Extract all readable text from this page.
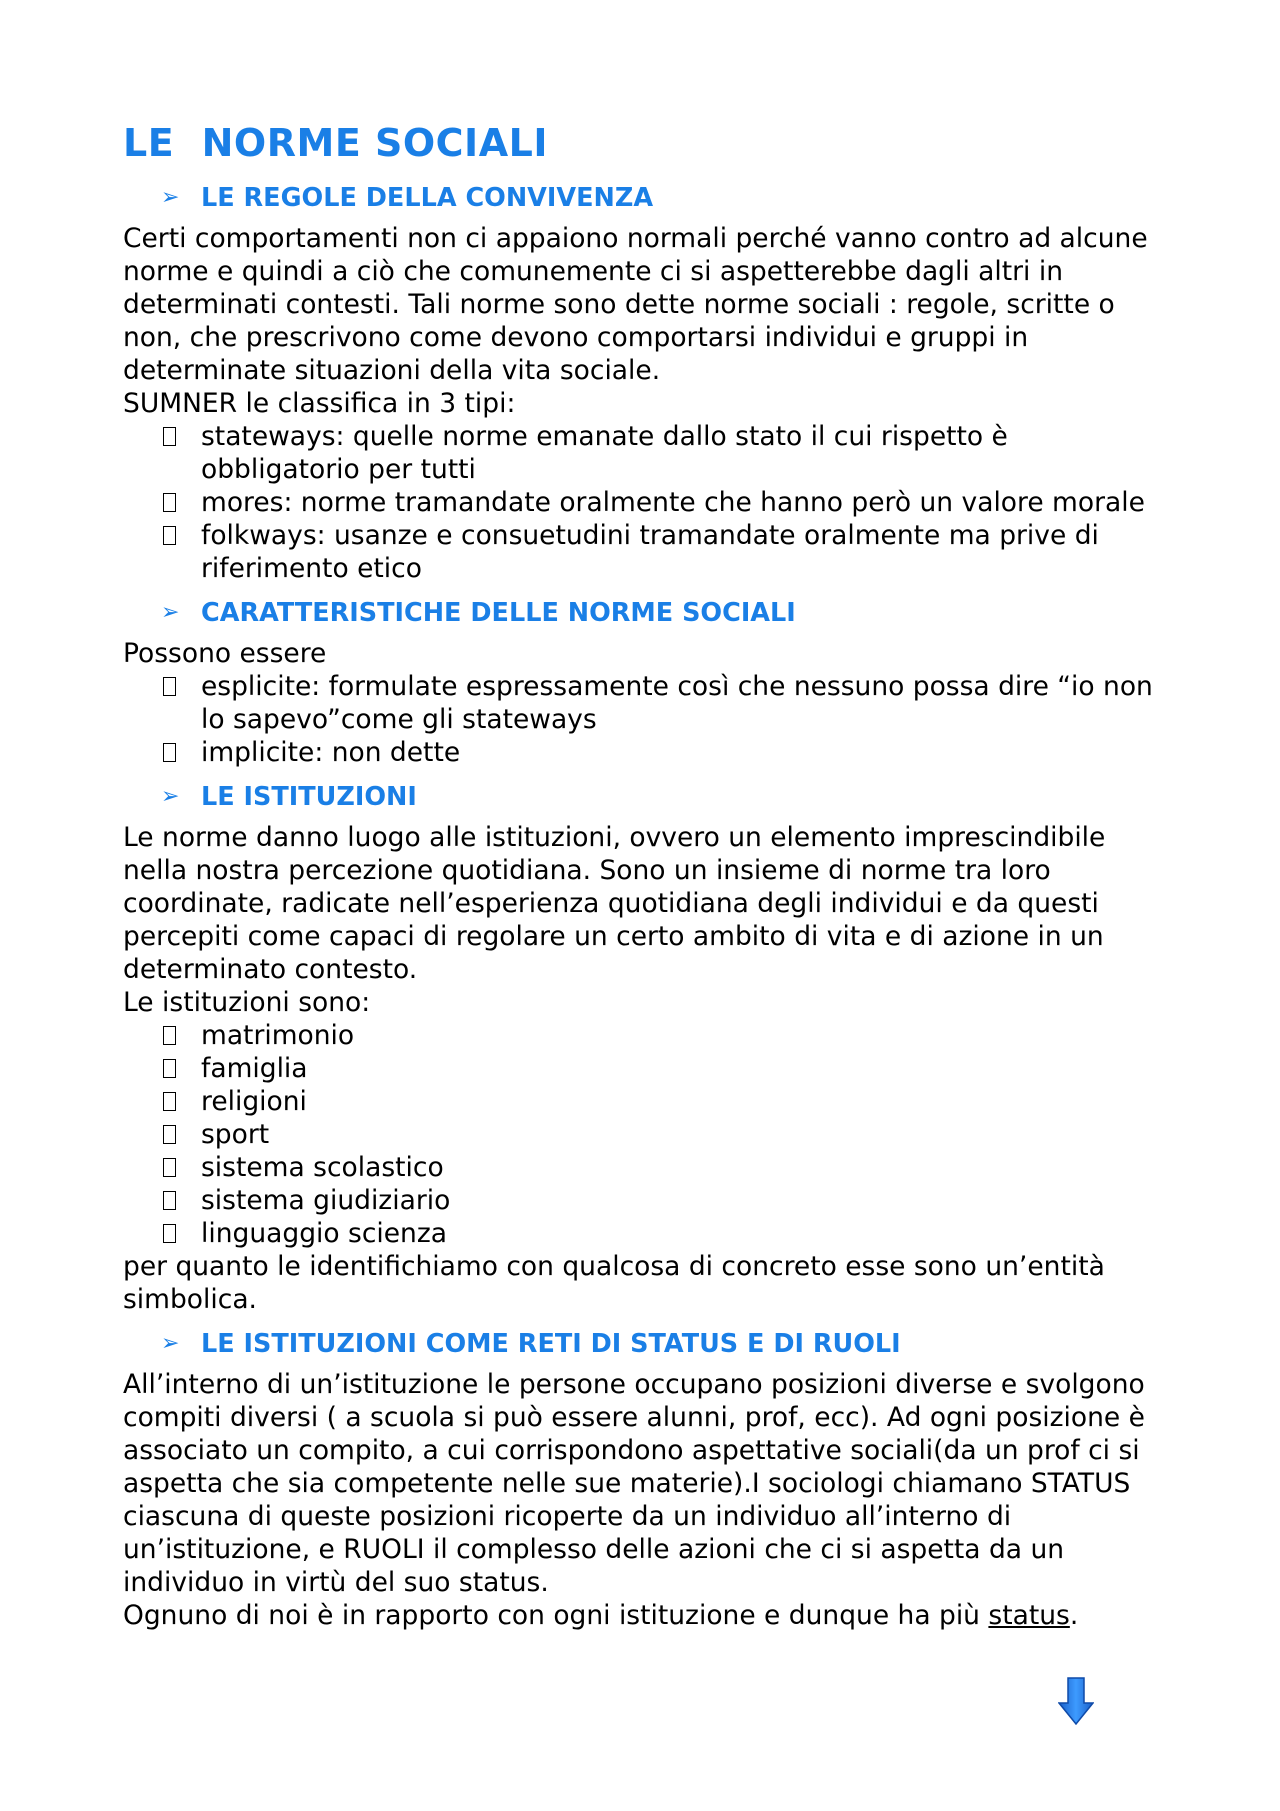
LE  NORME SOCIALI
➢ LE REGOLE DELLA CONVIVENZA

Certi comportamenti non ci appaiono normali perché vanno contro ad alcune norme e quindi a ciò che comunemente ci si aspetterebbe dagli altri in determinati contesti. Tali norme sono dette norme sociali : regole, scritte o non, che prescrivono come devono comportarsi individui e gruppi in determinate situazioni della vita sociale.

SUMNER le classifica in 3 tipi:

stateways: quelle norme emanate dallo stato il cui rispetto è obbligatorio per tutti
mores: norme tramandate oralmente che hanno però un valore morale
folkways: usanze e consuetudini tramandate oralmente ma prive di riferimento etico
➢ CARATTERISTICHE DELLE NORME SOCIALI

Possono essere

esplicite: formulate espressamente così che nessuno possa dire “io non lo sapevo”come gli stateways
implicite: non dette
➢ LE ISTITUZIONI

Le norme danno luogo alle istituzioni, ovvero un elemento imprescindibile nella nostra percezione quotidiana. Sono un insieme di norme tra loro coordinate, radicate nell’esperienza quotidiana degli individui e da questi percepiti come capaci di regolare un certo ambito di vita e di azione in un determinato contesto.

Le istituzioni sono:

matrimonio
famiglia
religioni
sport
sistema scolastico
sistema giudiziario
linguaggio scienza

per quanto le identifichiamo con qualcosa di concreto esse sono un’entità simbolica.

➢ LE ISTITUZIONI COME RETI DI STATUS E DI RUOLI

All’interno di un’istituzione le persone occupano posizioni diverse e svolgono compiti diversi ( a scuola si può essere alunni, prof, ecc). Ad ogni posizione è associato un compito, a cui corrispondono aspettative sociali(da un prof ci si aspetta che sia competente nelle sue materie).I sociologi chiamano STATUS ciascuna di queste posizioni ricoperte da un individuo all’interno di un’istituzione, e RUOLI il complesso delle azioni che ci si aspetta da un individuo in virtù del suo status.

Ognuno di noi è in rapporto con ogni istituzione e dunque ha più status.
